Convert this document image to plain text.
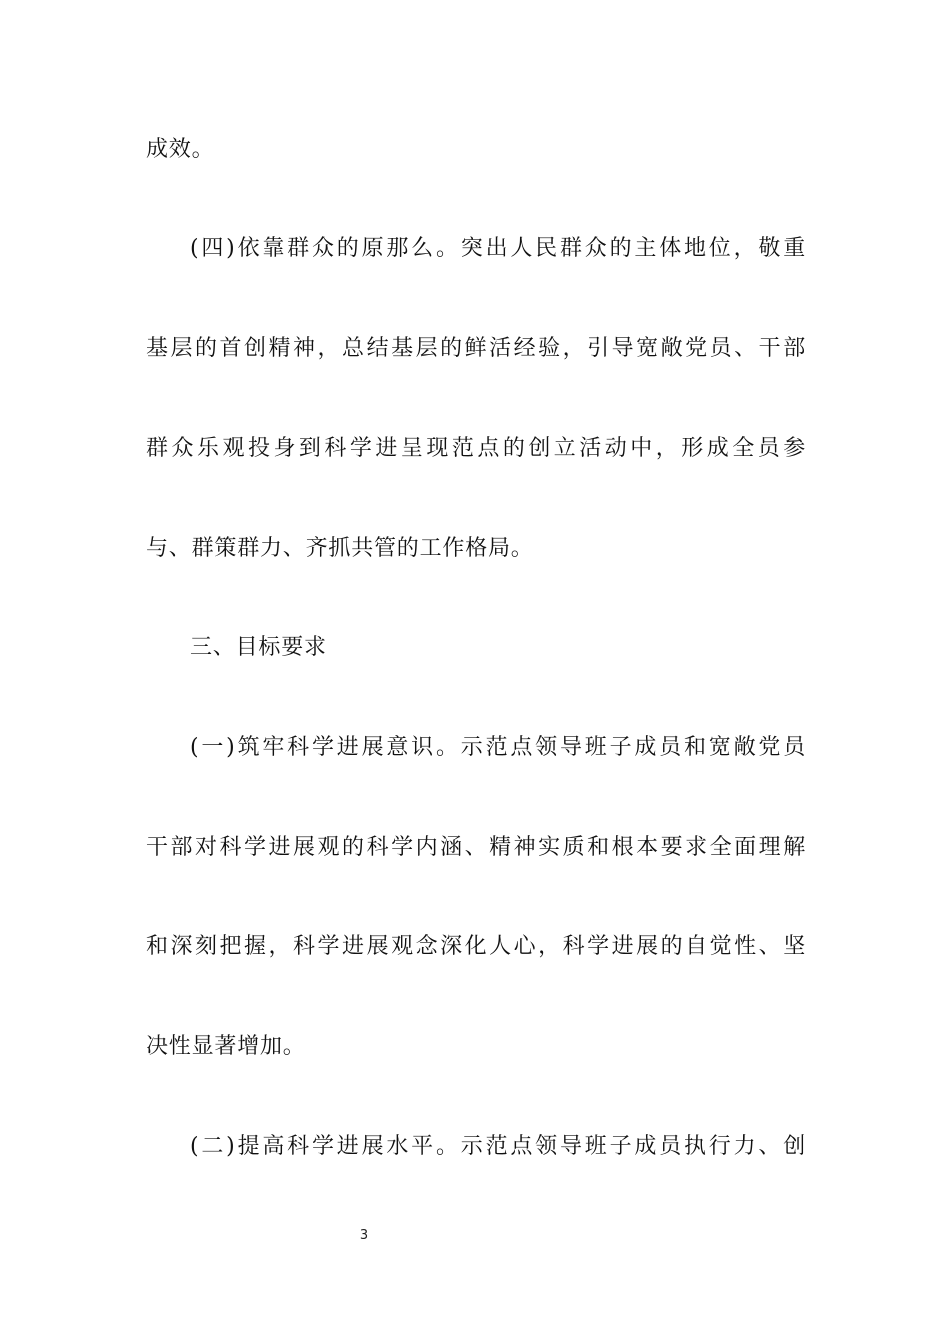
成效。
(四)依靠群众的原那么。突出人民群众的主体地位，敬重
基层的首创精神，总结基层的鲜活经验，引导宽敞党员、干部
群众乐观投身到科学进呈现范点的创立活动中，形成全员参
与、群策群力、齐抓共管的工作格局。
三、目标要求
(一)筑牢科学进展意识。示范点领导班子成员和宽敞党员
干部对科学进展观的科学内涵、精神实质和根本要求全面理解
和深刻把握，科学进展观念深化人心，科学进展的自觉性、坚
决性显著增加。
(二)提高科学进展水平。示范点领导班子成员执行力、创
3
